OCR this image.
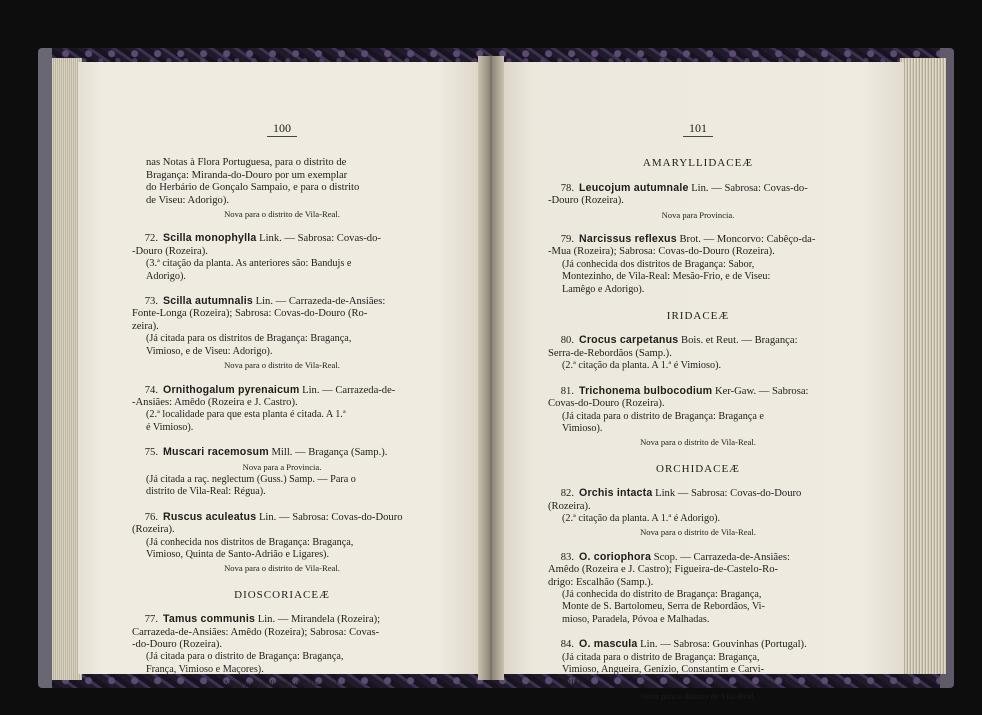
100
nas Notas à Flora Portuguesa, para o distrito de
Bragança: Miranda-do-Douro por um exemplar
do Herbário de Gonçalo Sampaio, e para o distrito
de Viseu: Adorigo).
Nova para o distrito de Vila-Real.
72. Scilla monophylla Link. — Sabrosa: Covas-do-
-Douro (Rozeira).
(3.ª citação da planta. As anteriores são: Bandujs e
Adorigo).
73. Scilla autumnalis Lin. — Carrazeda-de-Ansiães:
Fonte-Longa (Rozeira); Sabrosa: Covas-do-Douro (Ro-
zeira).
(Já citada para os distritos de Bragança: Bragança,
Vimioso, e de Viseu: Adorigo).
Nova para o distrito de Vila-Real.
74. Ornithogalum pyrenaicum Lin. — Carrazeda-de-
-Ansiães: Amêdo (Rozeira e J. Castro).
(2.ª localidade para que esta planta é citada. A 1.ª
é Vimioso).
75. Muscari racemosum Mill. — Bragança (Samp.).
Nova para a Provincia.
(Já citada a raç. neglectum (Guss.) Samp. — Para o
distrito de Vila-Real: Régua).
76. Ruscus aculeatus Lin. — Sabrosa: Covas-do-Douro
(Rozeira).
(Já conhecida nos distritos de Bragança: Bragança,
Vimioso, Quinta de Santo-Adrião e Ligares).
Nova para o distrito de Vila-Real.
DIOSCORIACEÆ
77. Tamus communis Lin. — Mirandela (Rozeira);
Carrazeda-de-Ansiães: Amêdo (Rozeira); Sabrosa: Covas-
-do-Douro (Rozeira).
(Já citada para o distrito de Bragança: Bragança,
França, Vimioso e Maçores).
Nova para o distrito de Vila-Real.
101
AMARYLLIDACEÆ
78. Leucojum autumnale Lin. — Sabrosa: Covas-do-
-Douro (Rozeira).
Nova para Provincia.
79. Narcissus reflexus Brot. — Moncorvo: Cabêço-da-
-Mua (Rozeira); Sabrosa: Covas-do-Douro (Rozeira).
(Já conhecida dos distritos de Bragança: Sabor,
Montezinho, de Vila-Real: Mesão-Frio, e de Viseu:
Lamêgo e Adorigo).
IRIDACEÆ
80. Crocus carpetanus Bois. et Reut. — Bragança:
Serra-de-Rebordãos (Samp.).
(2.ª citação da planta. A 1.ª é Vimioso).
81. Trichonema bulbocodium Ker-Gaw. — Sabrosa:
Covas-do-Douro (Rozeira).
(Já citada para o distrito de Bragança: Bragança e
Vimioso).
Nova para o distrito de Vila-Real.
ORCHIDACEÆ
82. Orchis intacta Link — Sabrosa: Covas-do-Douro
(Rozeira).
(2.ª citação da planta. A 1.ª é Adorigo).
Nova para o distrito de Vila-Real.
83. O. coriophora Scop. — Carrazeda-de-Ansiães:
Amêdo (Rozeira e J. Castro); Figueira-de-Castelo-Ro-
drigo: Escalhão (Samp.).
(Já conhecida do distrito de Bragança: Bragança,
Monte de S. Bartolomeu, Serra de Rebordãos, Vi-
mioso, Paradela, Póvoa e Malhadas.
84. O. mascula Lin. — Sabrosa: Gouvinhas (Portugal).
(Já citada para o distrito de Bragança: Bragança,
Vimioso, Angueira, Genízio, Constantim e Carvi-
çais).
Nova para o distrito de Vila-Real.
